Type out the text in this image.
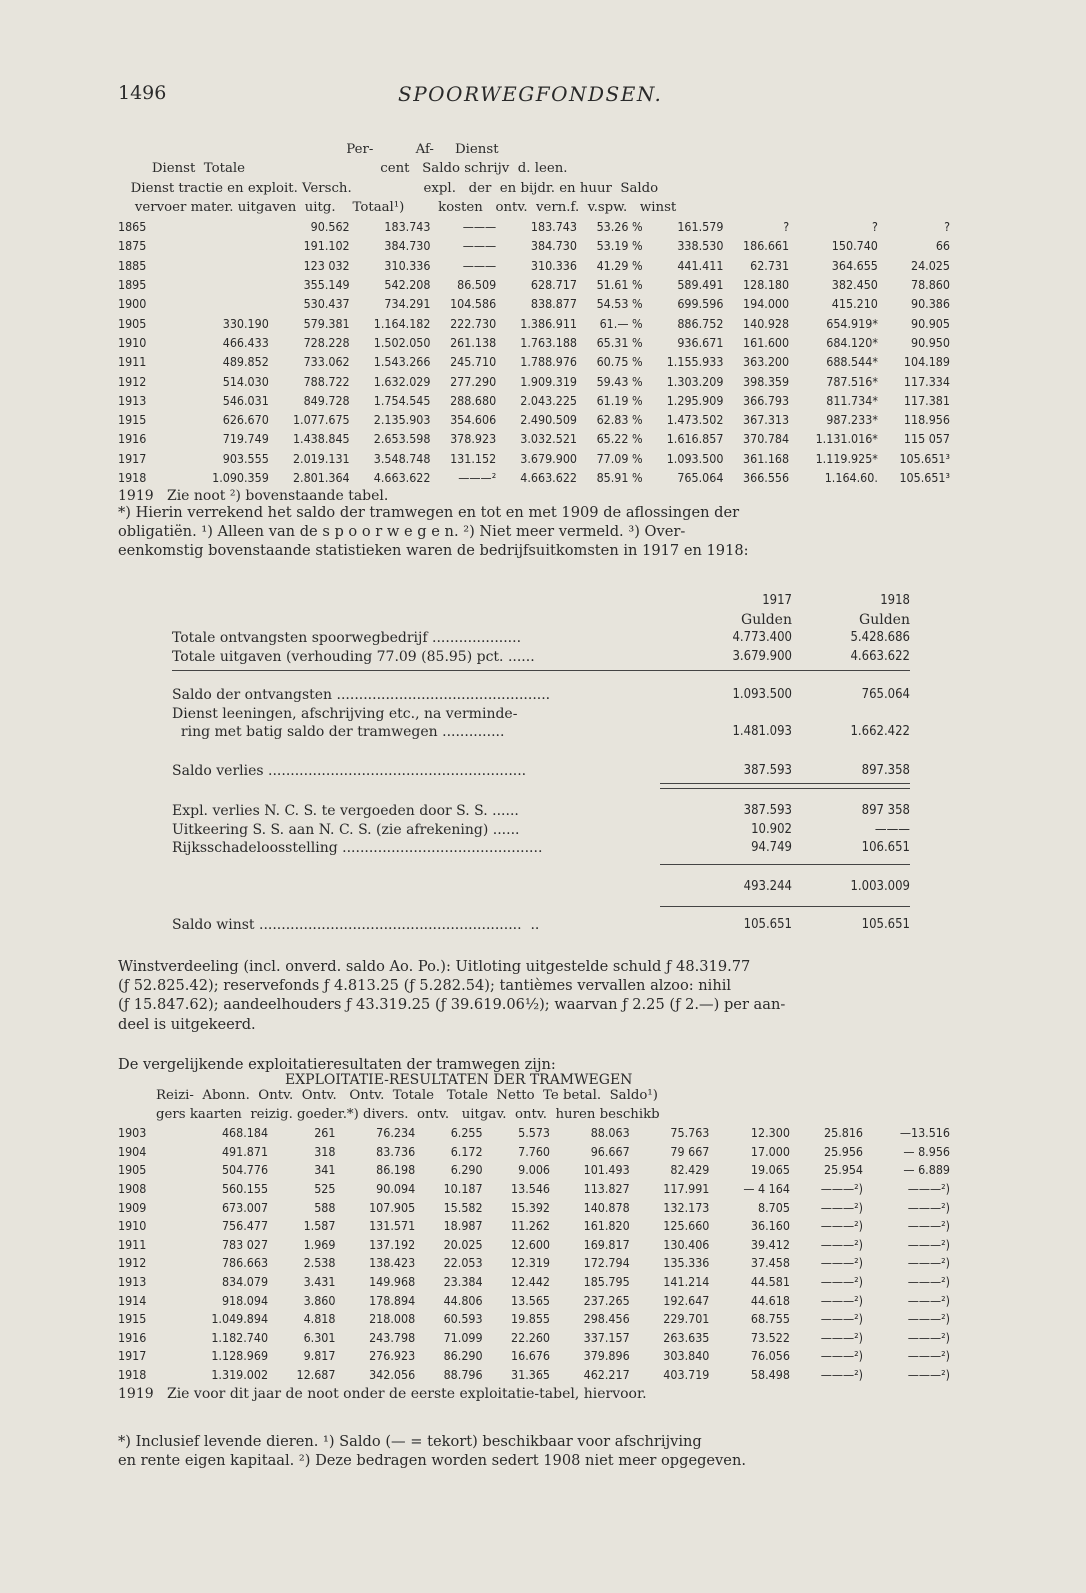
1496	SPOORWEGFONDSEN.
Per-          Af-     Dienst										
Dienst  Totale                                cent   Saldo schrijv  d. leen.										
Dienst tractie en exploit. Versch.                 expl.   der  en bijdr. en huur  Saldo										
vervoer mater. uitgaven  uitg.    Totaal¹)        kosten   ontv.  vern.f.  v.spw.   winst										
1865		90.562	183.743	———	183.743	53.26 %	161.579	?	?	?
1875		191.102	384.730	———	384.730	53.19 %	338.530	186.661	150.740	66
1885		123 032	310.336	———	310.336	41.29 %	441.411	62.731	364.655	24.025
1895		355.149	542.208	86.509	628.717	51.61 %	589.491	128.180	382.450	78.860
1900		530.437	734.291	104.586	838.877	54.53 %	699.596	194.000	415.210	90.386
1905	330.190	579.381	1.164.182	222.730	1.386.911	61.— %	886.752	140.928	654.919*	90.905
1910	466.433	728.228	1.502.050	261.138	1.763.188	65.31 %	936.671	161.600	684.120*	90.950
1911	489.852	733.062	1.543.266	245.710	1.788.976	60.75 %	1.155.933	363.200	688.544*	104.189
1912	514.030	788.722	1.632.029	277.290	1.909.319	59.43 %	1.303.209	398.359	787.516*	117.334
1913	546.031	849.728	1.754.545	288.680	2.043.225	61.19 %	1.295.909	366.793	811.734*	117.381
1915	626.670	1.077.675	2.135.903	354.606	2.490.509	62.83 %	1.473.502	367.313	987.233*	118.956
1916	719.749	1.438.845	2.653.598	378.923	3.032.521	65.22 %	1.616.857	370.784	1.131.016*	115 057
1917	903.555	2.019.131	3.548.748	131.152	3.679.900	77.09 %	1.093.500	361.168	1.119.925*	105.651³
1918	1.090.359	2.801.364	4.663.622	———²	4.663.622	85.91 %	765.064	366.556	1.164.60.	105.651³
1919   Zie noot ²) bovenstaande tabel.										
*) Hierin verrekend het saldo der tramwegen en tot en met 1909 de aflossingen der
obligatiën. ¹) Alleen van de s p o o r w e g e n. ²) Niet meer vermeld. ³) Over-
eenkomstig bovenstaande statistieken waren de bedrijfsuitkomsten in 1917 en 1918:
	1917	1918
	Gulden	Gulden
Totale ontvangsten spoorwegbedrijf ....................	4.773.400	5.428.686
Totale uitgaven (verhouding 77.09 (85.95) pct. ......	3.679.900	4.663.622

Saldo der ontvangsten ................................................	1.093.500	765.064
Dienst leeningen, afschrijving etc., na verminde-		
ring met batig saldo der tramwegen ..............	1.481.093	1.662.422

Saldo verlies ..........................................................	387.593	897.358

Expl. verlies N. C. S. te vergoeden door S. S. ......	387.593	897 358
Uitkeering S. S. aan N. C. S. (zie afrekening) ......	10.902	———
Rijksschadeloosstelling .............................................	94.749	106.651

	493.244	1.003.009

Saldo winst ...........................................................  ..	105.651	105.651
Winstverdeeling (incl. onverd. saldo Ao. Po.): Uitloting uitgestelde schuld ƒ 48.319.77
(ƒ 52.825.42); reservefonds ƒ 4.813.25 (ƒ 5.282.54); tantièmes vervallen alzoo: nihil
(ƒ 15.847.62); aandeelhouders ƒ 43.319.25 (ƒ 39.619.06½); waarvan ƒ 2.25 (ƒ 2.—) per aan-
deel is uitgekeerd.
De vergelijkende exploitatieresultaten der tramwegen zijn:
EXPLOITATIE-RESULTATEN DER TRAMWEGEN
Reizi-  Abonn.  Ontv.  Ontv.   Ontv.  Totale   Totale  Netto  Te betal.  Saldo¹)										
gers kaarten  reizig. goeder.*) divers.  ontv.   uitgav.  ontv.  huren beschikb										
1903	468.184	261	76.234	6.255	5.573	88.063	75.763	12.300	25.816	—13.516
1904	491.871	318	83.736	6.172	7.760	96.667	79 667	17.000	25.956	— 8.956
1905	504.776	341	86.198	6.290	9.006	101.493	82.429	19.065	25.954	— 6.889
1908	560.155	525	90.094	10.187	13.546	113.827	117.991	— 4 164	———²)	———²)
1909	673.007	588	107.905	15.582	15.392	140.878	132.173	8.705	———²)	———²)
1910	756.477	1.587	131.571	18.987	11.262	161.820	125.660	36.160	———²)	———²)
1911	783 027	1.969	137.192	20.025	12.600	169.817	130.406	39.412	———²)	———²)
1912	786.663	2.538	138.423	22.053	12.319	172.794	135.336	37.458	———²)	———²)
1913	834.079	3.431	149.968	23.384	12.442	185.795	141.214	44.581	———²)	———²)
1914	918.094	3.860	178.894	44.806	13.565	237.265	192.647	44.618	———²)	———²)
1915	1.049.894	4.818	218.008	60.593	19.855	298.456	229.701	68.755	———²)	———²)
1916	1.182.740	6.301	243.798	71.099	22.260	337.157	263.635	73.522	———²)	———²)
1917	1.128.969	9.817	276.923	86.290	16.676	379.896	303.840	76.056	———²)	———²)
1918	1.319.002	12.687	342.056	88.796	31.365	462.217	403.719	58.498	———²)	———²)
1919   Zie voor dit jaar de noot onder de eerste exploitatie-tabel, hiervoor.										
*) Inclusief levende dieren. ¹) Saldo (— = tekort) beschikbaar voor afschrijving
en rente eigen kapitaal. ²) Deze bedragen worden sedert 1908 niet meer opgegeven.
